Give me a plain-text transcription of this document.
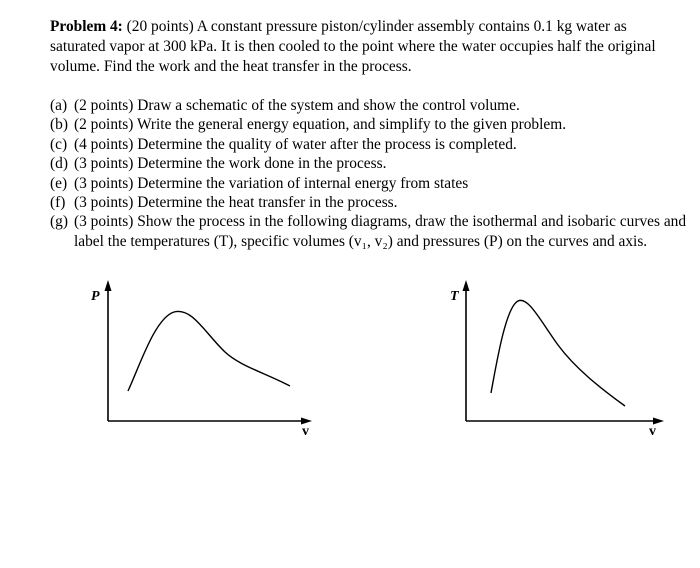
Problem 4: (20 points) A constant pressure piston/cylinder assembly contains 0.1 kg water as saturated vapor at 300 kPa. It is then cooled to the point where the water occupies half the original volume. Find the work and the heat transfer in the process.
(a) (2 points) Draw a schematic of the system and show the control volume.
(b) (2 points) Write the general energy equation, and simplify to the given problem.
(c) (4 points) Determine the quality of water after the process is completed.
(d) (3 points) Determine the work done in the process.
(e) (3 points) Determine the variation of internal energy from states
(f) (3 points) Determine the heat transfer in the process.
(g) (3 points) Show the process in the following diagrams, draw the isothermal and isobaric curves and label the temperatures (T), specific volumes (v₁, v₂) and pressures (P) on the curves and axis.
P
v
T
v
